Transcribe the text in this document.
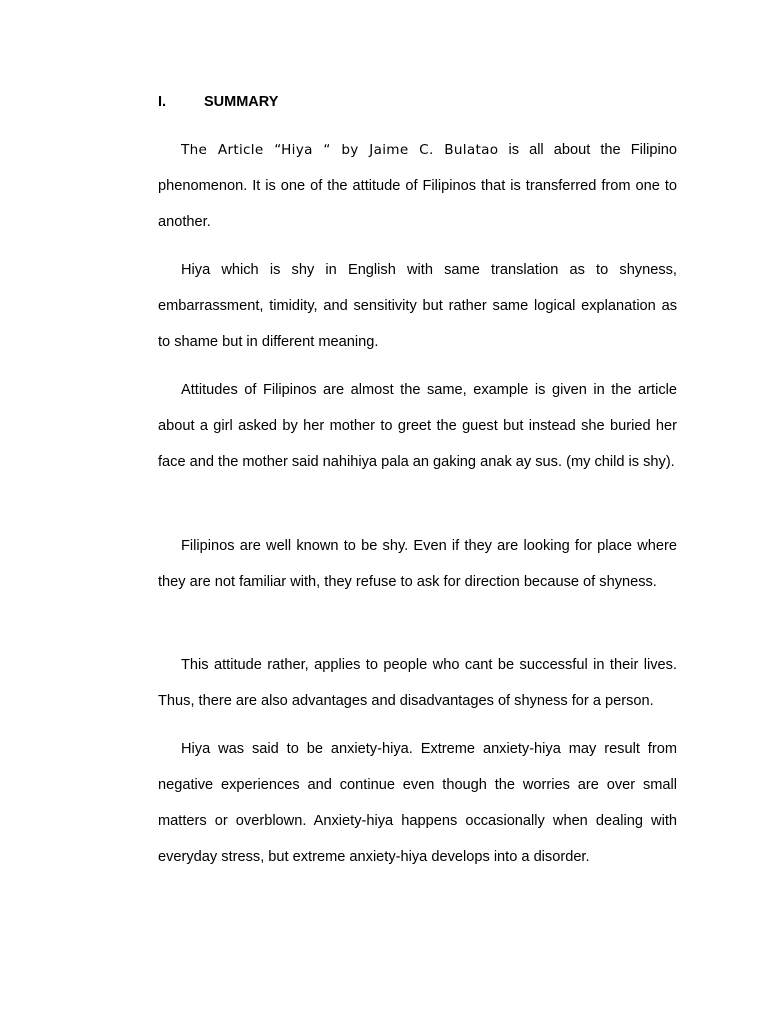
I.	SUMMARY

The Article “Hiya “ by Jaime C. Bulatao is all about the Filipino phenomenon. It is one of the attitude of Filipinos that is transferred from one to another.

Hiya which is shy in English with same translation as to shyness, embarrassment, timidity, and sensitivity but rather same logical explanation as to shame but in different meaning.

Attitudes of Filipinos are almost the same, example is given in the article about a girl asked by her mother to greet the guest but instead she buried her face and the mother said nahihiya pala an gaking anak ay sus. (my child is shy).

Filipinos are well known to be shy. Even if they are looking for place where they are not familiar with, they refuse to ask for direction because of shyness.

This attitude rather, applies to people who cant be successful in their lives. Thus, there are also advantages and disadvantages of shyness for a person.

Hiya was said to be anxiety-hiya. Extreme anxiety-hiya may result from negative experiences and continue even though the worries are over small matters or overblown. Anxiety-hiya happens occasionally when dealing with everyday stress, but extreme anxiety-hiya develops into a disorder.
